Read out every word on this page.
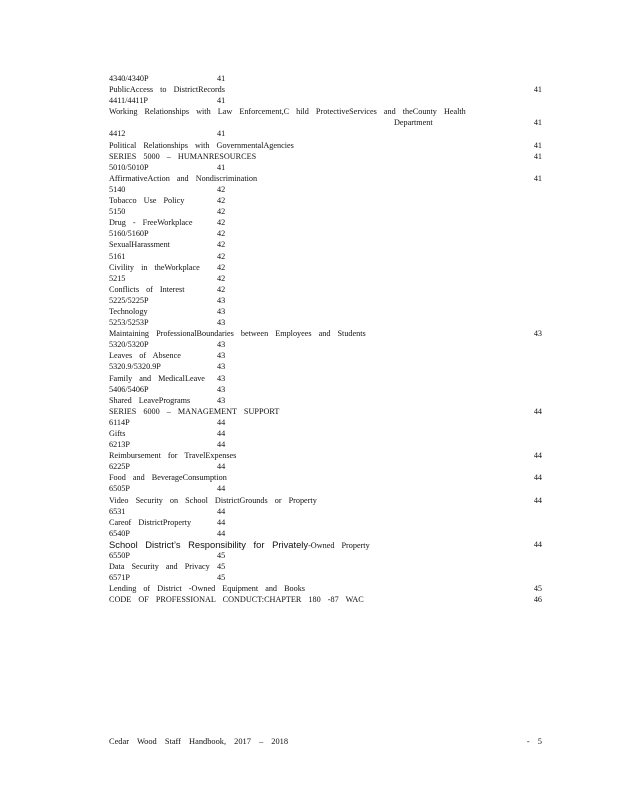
4340/4340P	41
PublicAccess to DistrictRecords	41
4411/4411P	41
Working Relationships with Law Enforcement,C hild ProtectiveServices and theCounty Health
Department	41
4412	41
Political Relationships with GovernmentalAgencies	41
SERIES 5000 – HUMANRESOURCES	41
5010/5010P	41
AffirmativeAction and Nondiscrimination	41
5140	42
Tobacco Use Policy	42
5150	42
Drug - FreeWorkplace	42
5160/5160P	42
SexualHarassment	42
5161	42
Civility in theWorkplace 42
5215	42
Conflicts of Interest	42
5225/5225P	43
Technology	43
5253/5253P	43
Maintaining ProfessionalBoundaries between Employees and Students	43
5320/5320P	43
Leaves of Absence	43
5320.9/5320.9P	43
Family and MedicalLeave 43
5406/5406P	43
Shared LeavePrograms	43
SERIES 6000 – MANAGEMENT SUPPORT	44
6114P	44
Gifts	44
6213P	44
Reimbursement for TravelExpenses	44
6225P	44
Food and BeverageConsumption	44
6505P	44
Video Security on School DistrictGrounds or Property	44
6531	44
Careof DistrictProperty	44
6540P	44
School District’s Responsibility for Privately-Owned Property	44
6550P	45
Data Security and Privacy 45
6571P	45
Lending of District -Owned Equipment and Books	45
CODE OF PROFESSIONAL CONDUCT:CHAPTER 180 -87 WAC	46
Cedar Wood Staff Handbook, 2017 – 2018	- 5
